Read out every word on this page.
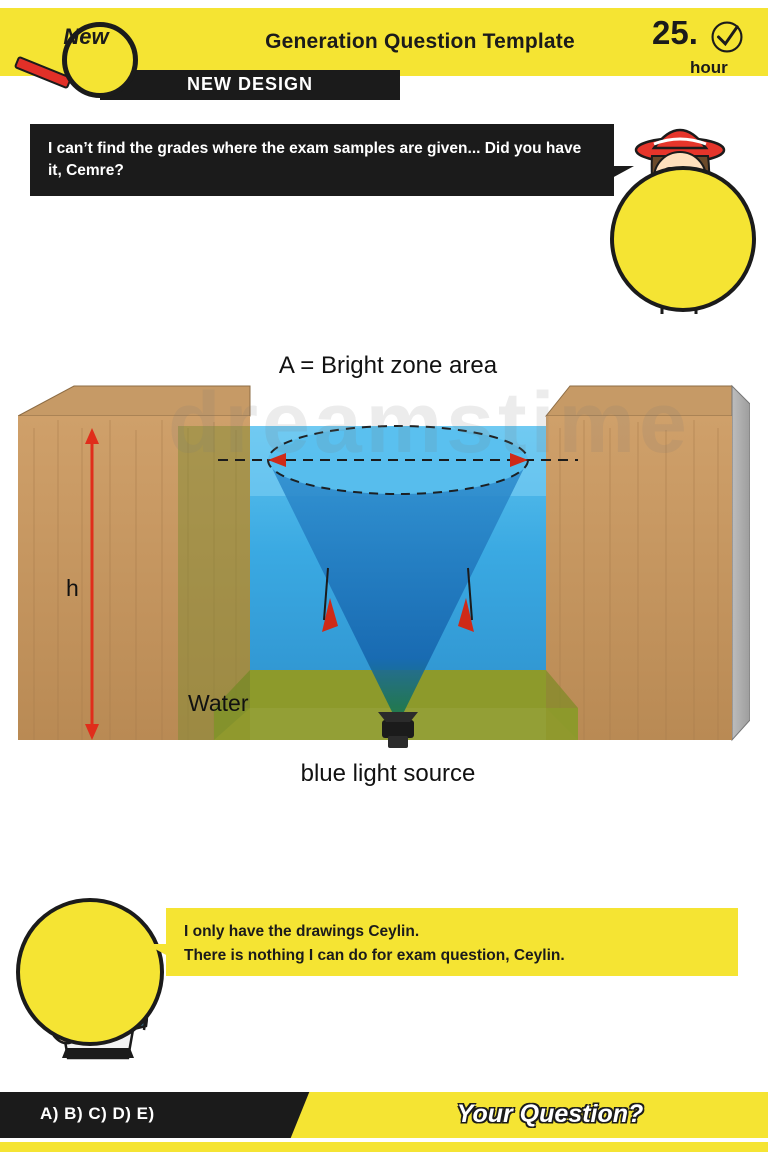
New	Generation Question Template
NEW DESIGN
25.
hour
I can’t find the grades where the exam samples are given... Did you have it, Cemre?
A = Bright zone area
dreamstime
h
Water
blue light source
I only have the drawings Ceylin.
There is nothing I can do for exam question, Ceylin.
A) B) C) D) E)	Your Question?
